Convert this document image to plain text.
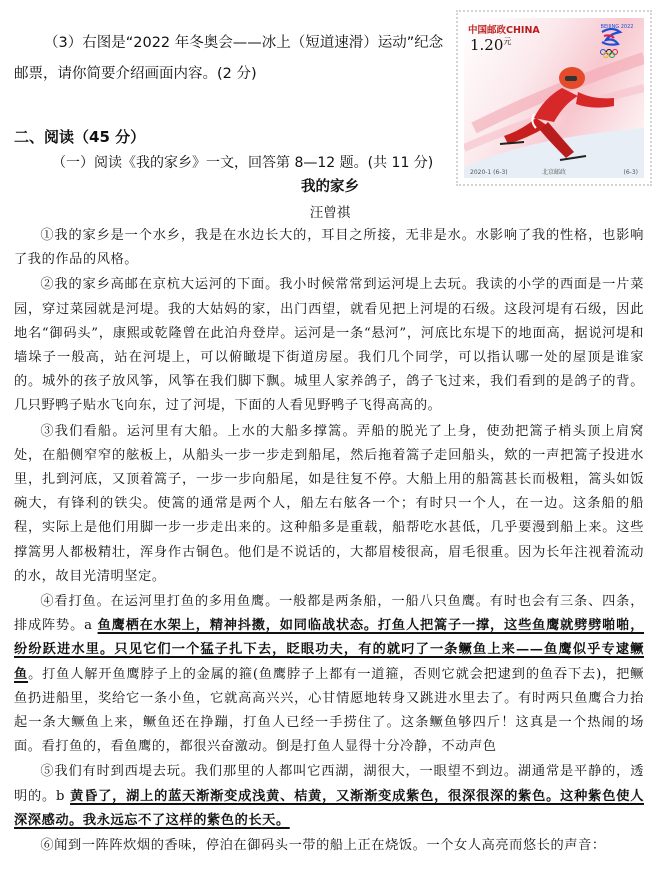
（3）右图是“2022 年冬奥会——冰上（短道速滑）运动”纪念
邮票，请你简要介绍画面内容。(2 分)
中国邮政CHINA
$1.20^元$
BEIJING 2022
2020-1 (6-3)	北京邮政	(6-3)
二、阅读（45 分）
（一）阅读《我的家乡》一文，回答第 8—12 题。(共 11 分)
我的家乡
汪曾祺

①我的家乡是一个水乡，我是在水边长大的，耳目之所接，无非是水。水影响了我的性格，也影响了我的作品的风格。

②我的家乡高邮在京杭大运河的下面。我小时候常常到运河堤上去玩。我读的小学的西面是一片菜园，穿过菜园就是河堤。我的大姑妈的家，出门西望，就看见把上河堤的石级。这段河堤有石级，因此地名“御码头”，康熙或乾隆曾在此泊舟登岸。运河是一条“悬河”，河底比东堤下的地面高，据说河堤和墙垛子一般高，站在河堤上，可以俯瞰堤下街道房屋。我们几个同学，可以指认哪一处的屋顶是谁家的。城外的孩子放风筝，风筝在我们脚下飘。城里人家养鸽子，鸽子飞过来，我们看到的是鸽子的背。几只野鸭子贴水飞向东，过了河堤，下面的人看见野鸭子飞得高高的。

③我们看船。运河里有大船。上水的大船多撑篙。弄船的脱光了上身，使劲把篙子梢头顶上肩窝处，在船侧窄窄的舷板上，从船头一步一步走到船尾，然后拖着篙子走回船头，欸的一声把篙子投进水里，扎到河底，又顶着篙子，一步一步向船尾，如是往复不停。大船上用的船篙甚长而极粗，篙头如饭碗大，有锋利的铁尖。使篙的通常是两个人，船左右舷各一个；有时只一个人，在一边。这条船的船程，实际上是他们用脚一步一步走出来的。这种船多是重载，船帮吃水甚低，几乎要漫到船上来。这些撑篙男人都极精壮，浑身作古铜色。他们是不说话的，大都眉棱很高，眉毛很重。因为长年注视着流动的水，故目光清明坚定。

④看打鱼。在运河里打鱼的多用鱼鹰。一般都是两条船，一船八只鱼鹰。有时也会有三条、四条，排成阵势。a 鱼鹰栖在水架上，精神抖擞，如同临战状态。打鱼人把篙子一撑，这些鱼鹰就劈劈啪啪，纷纷跃进水里。只见它们一个猛子扎下去，眨眼功夫，有的就叼了一条鳜鱼上来——鱼鹰似乎专逮鳜鱼。打鱼人解开鱼鹰脖子上的金属的箍(鱼鹰脖子上都有一道箍，否则它就会把逮到的鱼吞下去)，把鳜鱼扔进船里，奖给它一条小鱼，它就高高兴兴，心甘情愿地转身又跳进水里去了。有时两只鱼鹰合力抬起一条大鳜鱼上来，鳜鱼还在挣蹦，打鱼人已经一手捞住了。这条鳜鱼够四斤！这真是一个热闹的场面。看打鱼的，看鱼鹰的，都很兴奋激动。倒是打鱼人显得十分冷静，不动声色

⑤我们有时到西堤去玩。我们那里的人都叫它西湖，湖很大，一眼望不到边。湖通常是平静的，透明的。b 黄昏了，湖上的蓝天渐渐变成浅黄、桔黄，又渐渐变成紫色，很深很深的紫色。这种紫色使人深深感动。我永远忘不了这样的紫色的长天。

⑥闻到一阵阵炊烟的香味，停泊在御码头一带的船上正在烧饭。一个女人高亮而悠长的声音：
